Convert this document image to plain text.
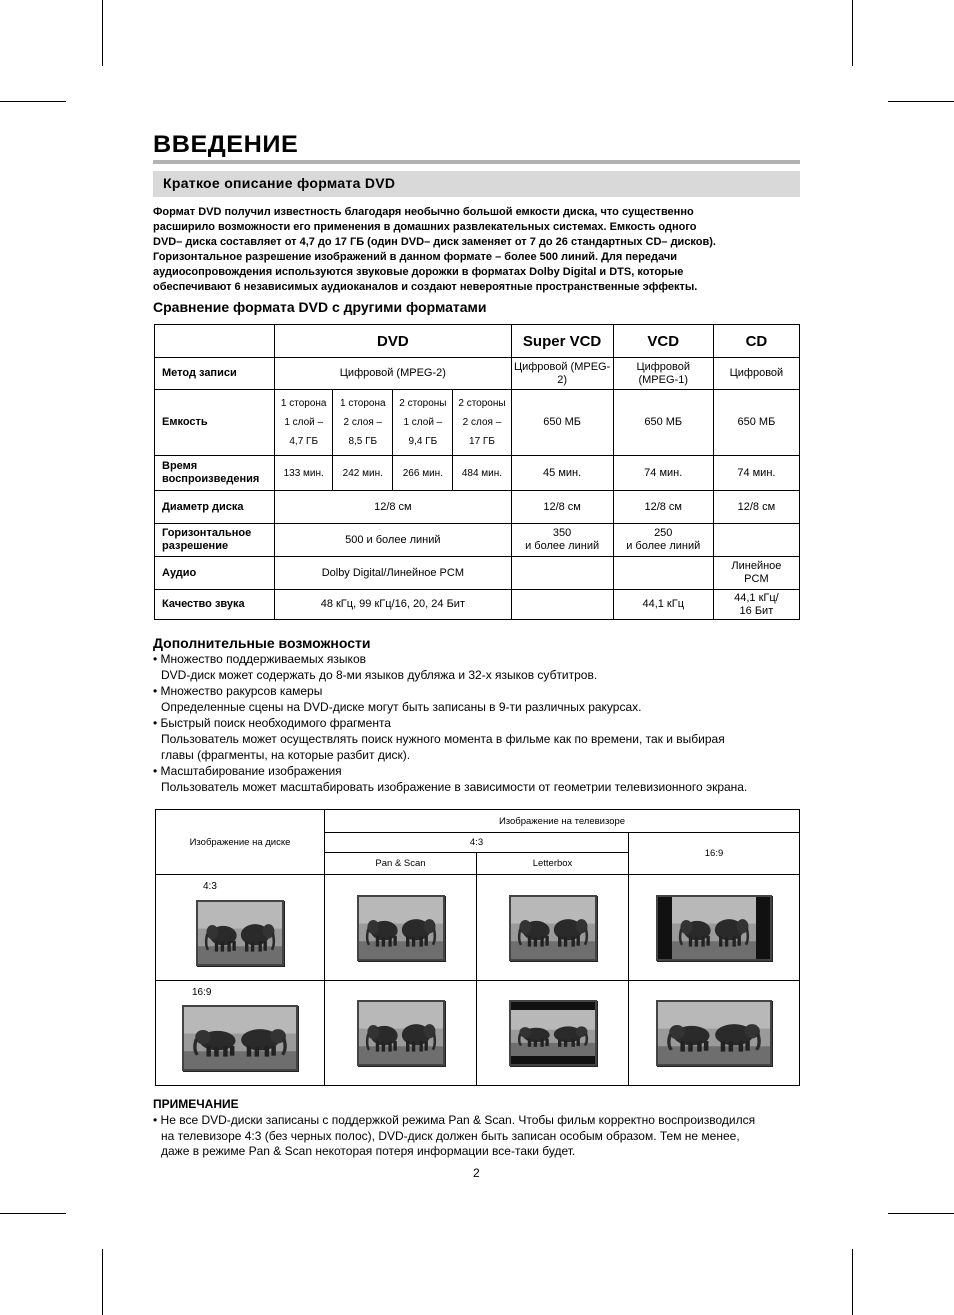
ВВЕДЕНИЕ
Краткое описание формата DVD
Формат DVD получил известность благодаря необычно большой емкости диска, что существенно
расширило возможности его применения в домашних развлекательных системах. Емкость одного
DVD– диска составляет от 4,7 до 17 ГБ (один DVD– диск заменяет от 7 до 26 стандартных CD– дисков).
Горизонтальное разрешение изображений в данном формате – более 500 линий. Для передачи
аудиосопровождения используются звуковые дорожки в форматах Dolby Digital и DTS, которые
обеспечивают 6 независимых аудиоканалов и создают невероятные пространственные эффекты.
Сравнение формата DVD с другими форматами
	DVD				Super VCD	VCD	CD
Метод записи	Цифровой (MPEG-2)				Цифровой (MPEG-2)	Цифровой (MPEG-1)	Цифровой
Емкость	1 сторона
1 слой –
4,7 ГБ	1 сторона
2 слоя –
8,5 ГБ	2 стороны
1 слой –
9,4 ГБ	2 стороны
2 слоя –
17 ГБ	650 МБ	650 МБ	650 МБ
Время воспроизведения	133 мин.	242 мин.	266 мин.	484 мин.	45 мин.	74 мин.	74 мин.
Диаметр диска	12/8 см				12/8 см	12/8 см	12/8 см
Горизонтальное
разрешение	500 и более линий				350
и более линий	250
и более линий	
Аудио	Dolby Digital/Линейное PCM						Линейное
PCM
Качество звука	48 кГц, 99 кГц/16, 20, 24 Бит					44,1 кГц	44,1 кГц/
16 Бит
Дополнительные возможности
• Множество поддерживаемых языков
DVD-диск может содержать до 8-ми языков дубляжа и 32-х языков субтитров.
• Множество ракурсов камеры
Определенные сцены на DVD-диске могут быть записаны в 9-ти различных ракурсах.
• Быстрый поиск необходимого фрагмента
Пользователь может осуществлять поиск нужного момента в фильме как по времени, так и выбирая
главы (фрагменты, на которые разбит диск).
• Масштабирование изображения
Пользователь может масштабировать изображение в зависимости от геометрии телевизионного экрана.
Изображение на диске	Изображение на телевизоре		
	4:3		16:9
	Pan & Scan	Letterbox	

4:3

16:9

ПРИМЕЧАНИЕ
• Не все DVD-диски записаны с поддержкой режима Pan & Scan. Чтобы фильм корректно воспроизводился
на телевизоре 4:3 (без черных полос), DVD-диск должен быть записан особым образом. Тем не менее,
даже в режиме Pan & Scan некоторая потеря информации все-таки будет.
2
